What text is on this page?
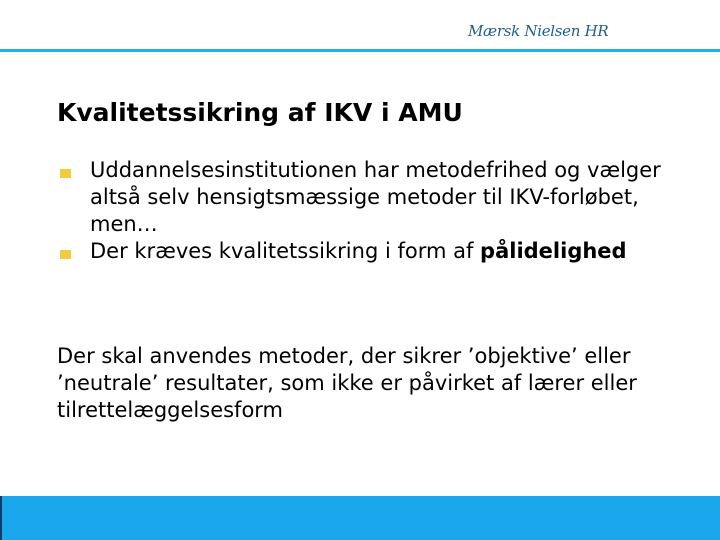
Mærsk Nielsen HR
Kvalitetssikring af IKV i AMU
Uddannelsesinstitutionen har metodefrihed og vælger altså selv hensigtsmæssige metoder til IKV-forløbet, men…
Der kræves kvalitetssikring i form af pålidelighed

Der skal anvendes metoder, der sikrer ’objektive’ eller ’neutrale’ resultater, som ikke er påvirket af lærer eller tilrettelæggelsesform
